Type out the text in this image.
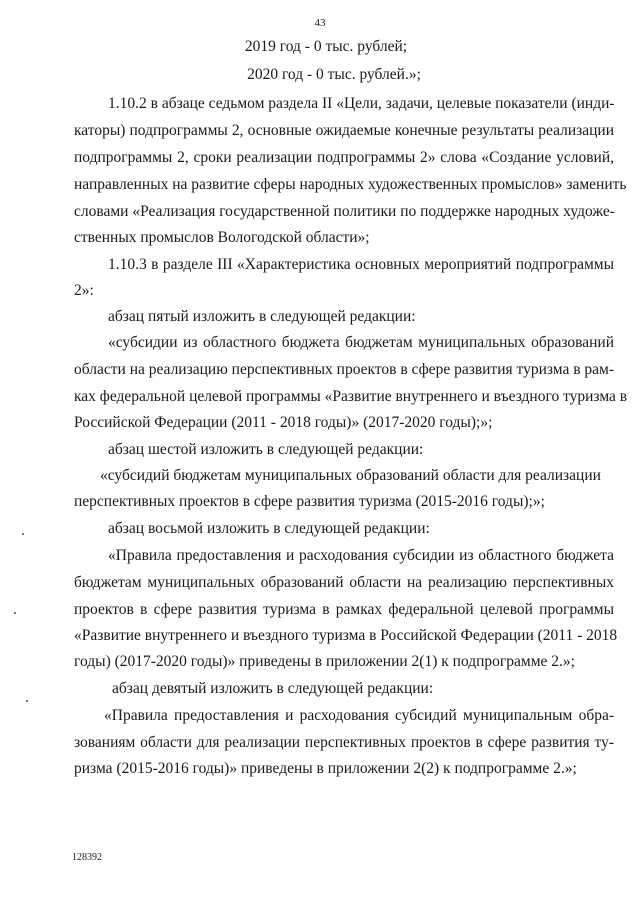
43
2019 год - 0 тыс. рублей;
2020 год - 0 тыс. рублей.»;
1.10.2 в абзаце седьмом раздела II «Цели, задачи, целевые показатели (инди-
каторы) подпрограммы 2, основные ожидаемые конечные результаты реализации
подпрограммы 2, сроки реализации подпрограммы 2» слова «Создание условий,
направленных на развитие сферы народных художественных промыслов» заменить
словами «Реализация государственной политики по поддержке народных художе-
ственных промыслов Вологодской области»;
1.10.3 в разделе III «Характеристика основных мероприятий подпрограммы
2»:
абзац пятый изложить в следующей редакции:
«субсидии из областного бюджета бюджетам муниципальных образований
области на реализацию перспективных проектов в сфере развития туризма в рам-
ках федеральной целевой программы «Развитие внутреннего и въездного туризма в
Российской Федерации (2011 - 2018 годы)» (2017-2020 годы);»;
абзац шестой изложить в следующей редакции:
«субсидий бюджетам муниципальных образований области для реализации
перспективных проектов в сфере развития туризма (2015-2016 годы);»;
абзац восьмой изложить в следующей редакции:
«Правила предоставления и расходования субсидии из областного бюджета
бюджетам муниципальных образований области на реализацию перспективных
проектов в сфере развития туризма в рамках федеральной целевой программы
«Развитие внутреннего и въездного туризма в Российской Федерации (2011 - 2018
годы) (2017-2020 годы)» приведены в приложении 2(1) к подпрограмме 2.»;
абзац девятый изложить в следующей редакции:
«Правила предоставления и расходования субсидий муниципальным обра-
зованиям области для реализации перспективных проектов в сфере развития ту-
ризма (2015-2016 годы)» приведены в приложении 2(2) к подпрограмме 2.»;
128392
